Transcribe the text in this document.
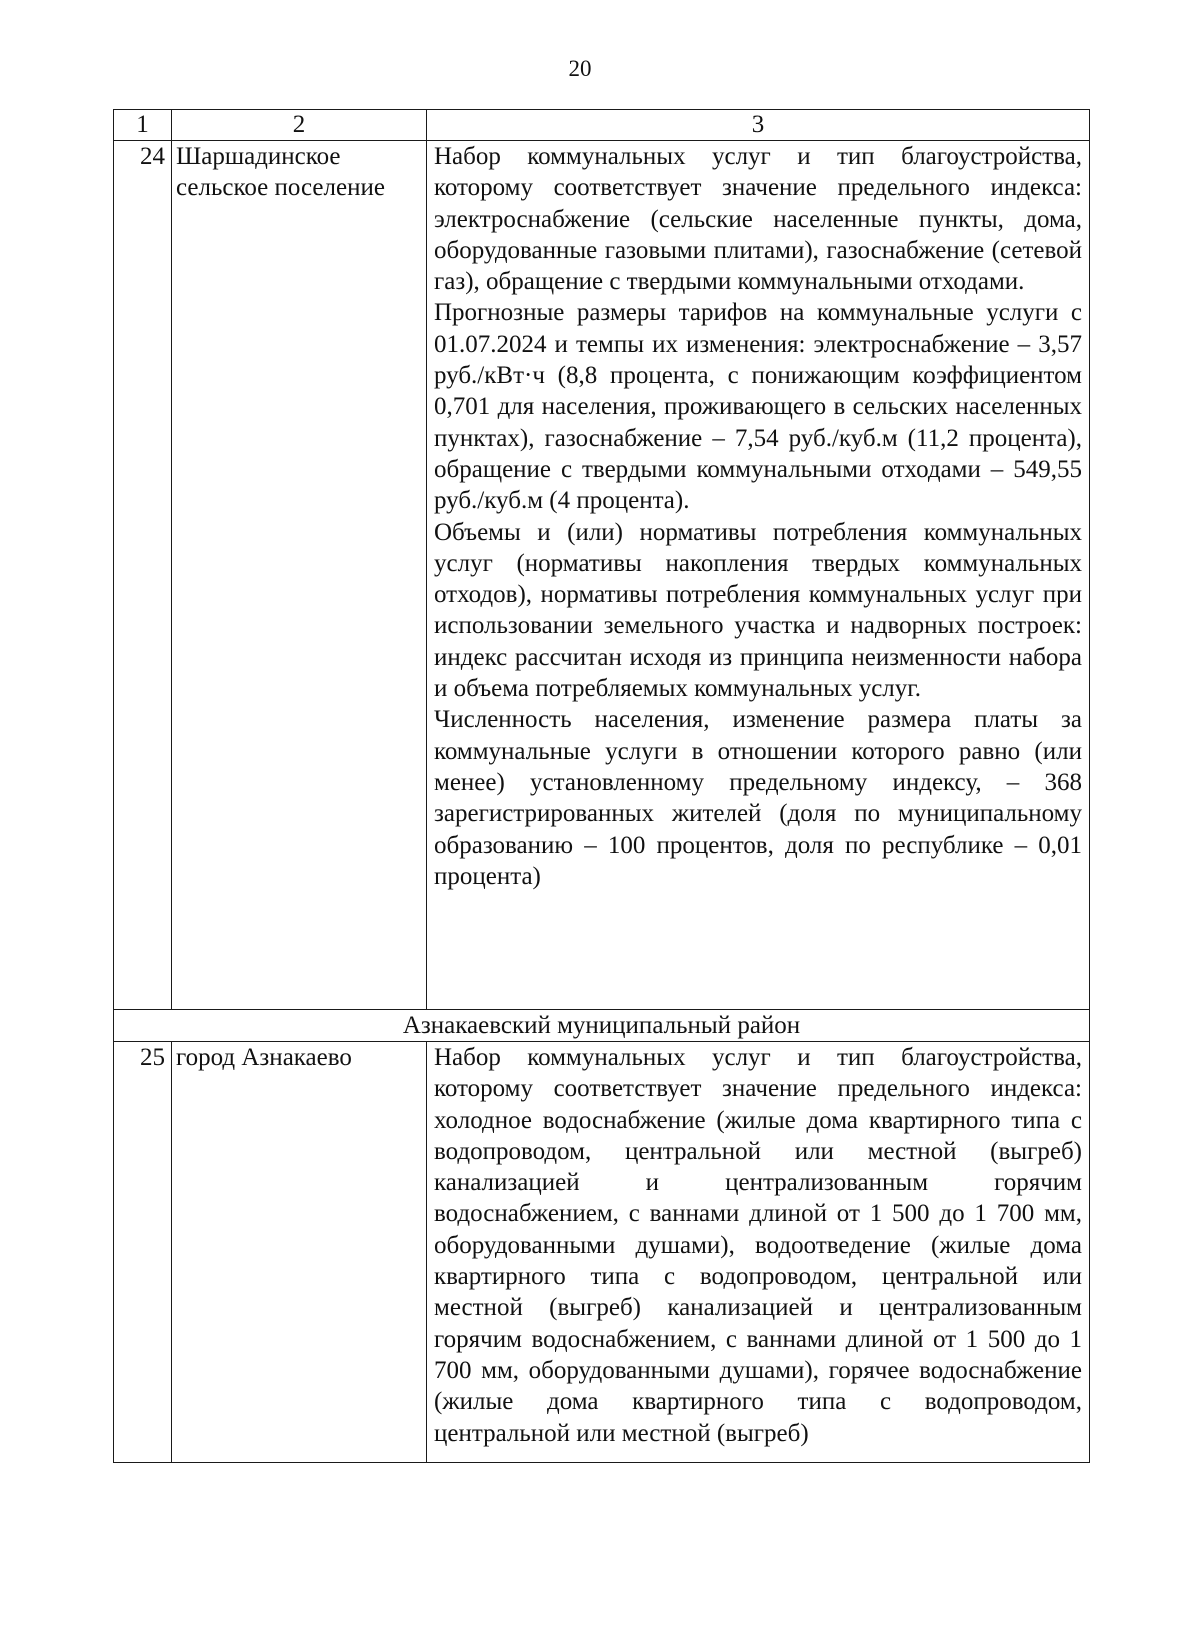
20
1	2	3
24	Шаршадинское сельское поселение	Набор коммунальных услуг и тип благоустройства, которому соответствует значение предельного индекса: электроснабжение (сельские населенные пункты, дома, оборудованные газовыми плитами), газоснабжение (сетевой газ), обращение с твердыми коммунальными отходами.

Прогнозные размеры тарифов на коммунальные услуги с 01.07.2024 и темпы их изменения: электроснабжение – 3,57 руб./кВт·ч (8,8 процента, с понижающим коэффициентом 0,701 для населения, проживающего в сельских населенных пунктах), газоснабжение – 7,54 руб./куб.м (11,2 процента), обращение с твердыми коммунальными отходами – 549,55 руб./куб.м (4 процента).

Объемы и (или) нормативы потребления коммунальных услуг (нормативы накопления твердых коммунальных отходов), нормативы потребления коммунальных услуг при использовании земельного участка и надворных построек: индекс рассчитан исходя из принципа неизменности набора и объема потребляемых коммунальных услуг.

Численность населения, изменение размера платы за коммунальные услуги в отношении которого равно (или менее) установленному предельному индексу, – 368 зарегистрированных жителей (доля по муниципальному образованию – 100 процентов, доля по республике – 0,01 процента)

Азнакаевский муниципальный район		
25	город Азнакаево	Набор коммунальных услуг и тип благоустройства, которому соответствует значение предельного индекса: холодное водоснабжение (жилые дома квартирного типа с водопроводом, центральной или местной (выгреб) канализацией и централизованным горячим водоснабжением, с ваннами длиной от 1 500 до 1 700 мм, оборудованными душами), водоотведение (жилые дома квартирного типа с водопроводом, центральной или местной (выгреб) канализацией и централизованным горячим водоснабжением, с ваннами длиной от 1 500 до 1 700 мм, оборудованными душами), горячее водоснабжение (жилые дома квартирного типа с водопроводом, центральной или местной (выгреб)
